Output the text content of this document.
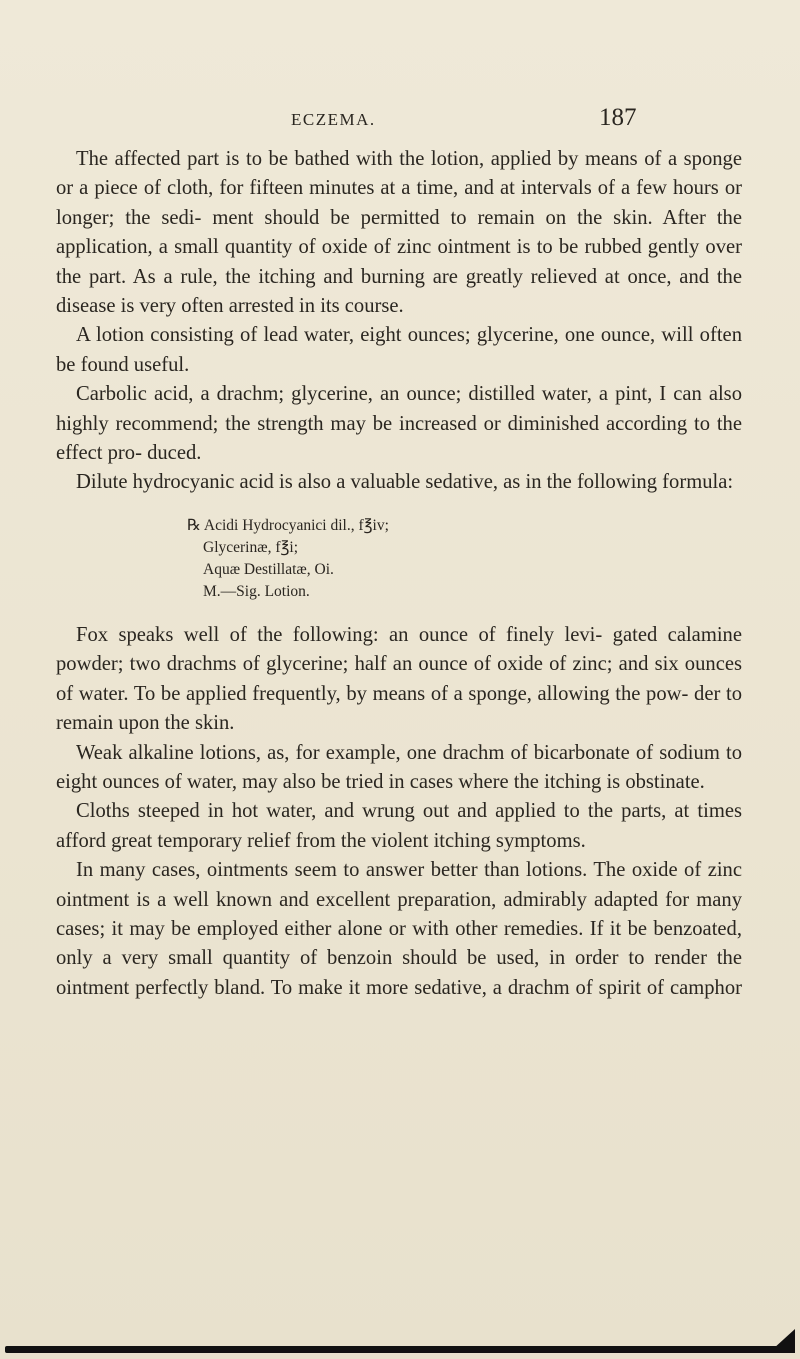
ECZEMA.	187

The affected part is to be bathed with the lotion, applied by means of a sponge or a piece of cloth, for fifteen minutes at a time, and at intervals of a few hours or longer; the sedi- ment should be permitted to remain on the skin. After the application, a small quantity of oxide of zinc ointment is to be rubbed gently over the part. As a rule, the itching and burning are greatly relieved at once, and the disease is very often arrested in its course.

A lotion consisting of lead water, eight ounces; glycerine, one ounce, will often be found useful.

Carbolic acid, a drachm; glycerine, an ounce; distilled water, a pint, I can also highly recommend; the strength may be increased or diminished according to the effect pro- duced.

Dilute hydrocyanic acid is also a valuable sedative, as in the following formula:

℞ Acidi Hydrocyanici dil., f℥iv;
Glycerinæ, f℥i;
Aquæ Destillatæ, Oi.
M.—Sig. Lotion.

Fox speaks well of the following: an ounce of finely levi- gated calamine powder; two drachms of glycerine; half an ounce of oxide of zinc; and six ounces of water. To be applied frequently, by means of a sponge, allowing the pow- der to remain upon the skin.

Weak alkaline lotions, as, for example, one drachm of bicarbonate of sodium to eight ounces of water, may also be tried in cases where the itching is obstinate.

Cloths steeped in hot water, and wrung out and applied to the parts, at times afford great temporary relief from the violent itching symptoms.

In many cases, ointments seem to answer better than lotions. The oxide of zinc ointment is a well known and excellent preparation, admirably adapted for many cases; it may be employed either alone or with other remedies. If it be benzoated, only a very small quantity of benzoin should be used, in order to render the ointment perfectly bland. To make it more sedative, a drachm of spirit of camphor
